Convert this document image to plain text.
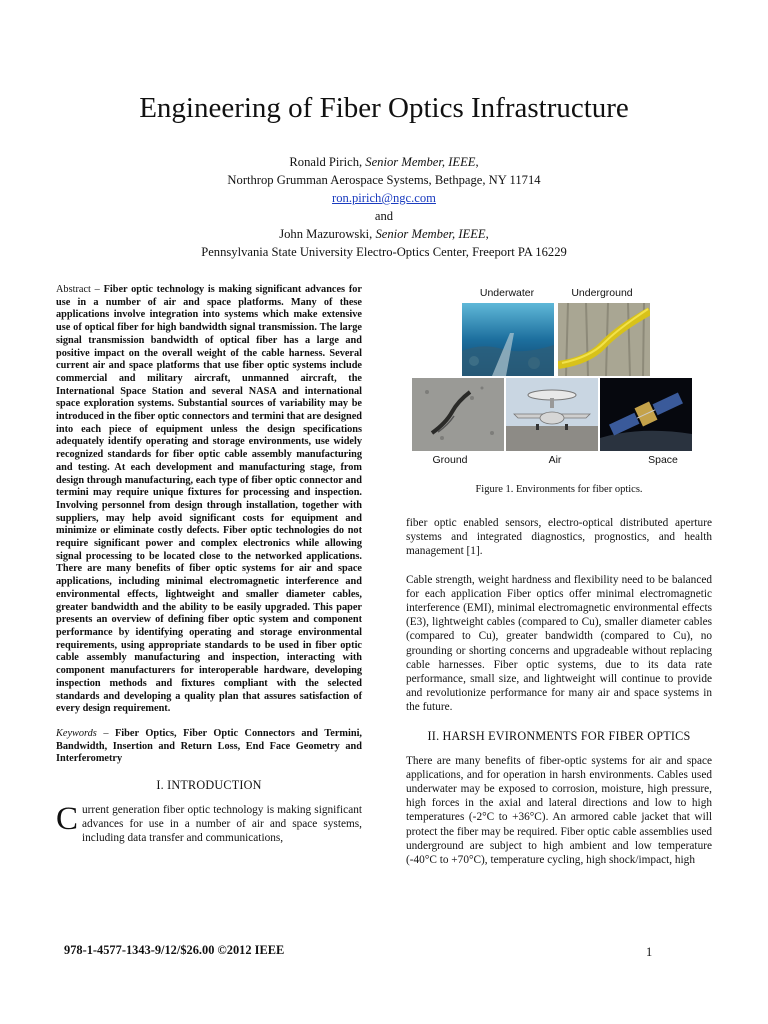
Engineering of Fiber Optics Infrastructure
Ronald Pirich, Senior Member, IEEE,
Northrop Grumman Aerospace Systems, Bethpage, NY 11714
ron.pirich@ngc.com
and
John Mazurowski, Senior Member, IEEE,
Pennsylvania State University Electro-Optics Center, Freeport PA 16229

Abstract – Fiber optic technology is making significant advances for use in a number of air and space platforms. Many of these applications involve integration into systems which make extensive use of optical fiber for high bandwidth signal transmission. The large signal transmission bandwidth of optical fiber has a large and positive impact on the overall weight of the cable harness. Several current air and space platforms that use fiber optic systems include commercial and military aircraft, unmanned aircraft, the International Space Station and several NASA and international space exploration systems. Substantial sources of variability may be introduced in the fiber optic connectors and termini that are designed into each piece of equipment unless the design specifications adequately identify operating and storage environments, use widely recognized standards for fiber optic cable assembly manufacturing and testing. At each development and manufacturing stage, from design through manufacturing, each type of fiber optic connector and termini may require unique fixtures for processing and inspection. Involving personnel from design through installation, together with suppliers, may help avoid significant costs for equipment and minimize or eliminate costly defects. Fiber optic technologies do not require significant power and complex electronics while allowing signal processing to be located close to the networked applications. There are many benefits of fiber optic systems for air and space applications, including minimal electromagnetic interference and environmental effects, lightweight and smaller diameter cables, greater bandwidth and the ability to be easily upgraded. This paper presents an overview of defining fiber optic system and component performance by identifying operating and storage environmental requirements, using appropriate standards to be used in fiber optic cable assembly manufacturing and inspection, interacting with component manufacturers for interoperable hardware, developing inspection methods and fixtures compliant with the selected standards and developing a quality plan that assures satisfaction of every design requirement.

Keywords – Fiber Optics, Fiber Optic Connectors and Termini, Bandwidth, Insertion and Return Loss, End Face Geometry and Interferometry

I. INTRODUCTION

Current generation fiber optic technology is making significant advances for use in a number of air and space systems, including data transfer and communications,

Underwater	Underground
Ground	Air	Space
Figure 1. Environments for fiber optics.

fiber optic enabled sensors, electro-optical distributed aperture systems and integrated diagnostics, prognostics, and health management [1].

Cable strength, weight hardness and flexibility need to be balanced for each application Fiber optics offer minimal electromagnetic interference (EMI), minimal electromagnetic environmental effects (E3), lightweight cables (compared to Cu), smaller diameter cables (compared to Cu), greater bandwidth (compared to Cu), no grounding or shorting concerns and upgradeable without replacing cable harnesses. Fiber optic systems, due to its data rate performance, small size, and lightweight will continue to provide and revolutionize performance for many air and space systems in the future.

II. HARSH EVIRONMENTS FOR FIBER OPTICS

There are many benefits of fiber-optic systems for air and space applications, and for operation in harsh environments. Cables used underwater may be exposed to corrosion, moisture, high pressure, high forces in the axial and lateral directions and low to high temperatures (-2°C to +36°C). An armored cable jacket that will protect the fiber may be required. Fiber optic cable assemblies used underground are subject to high ambient and low temperature (-40°C to +70°C), temperature cycling, high shock/impact, high

978-1-4577-1343-9/12/$26.00 ©2012 IEEE	1
